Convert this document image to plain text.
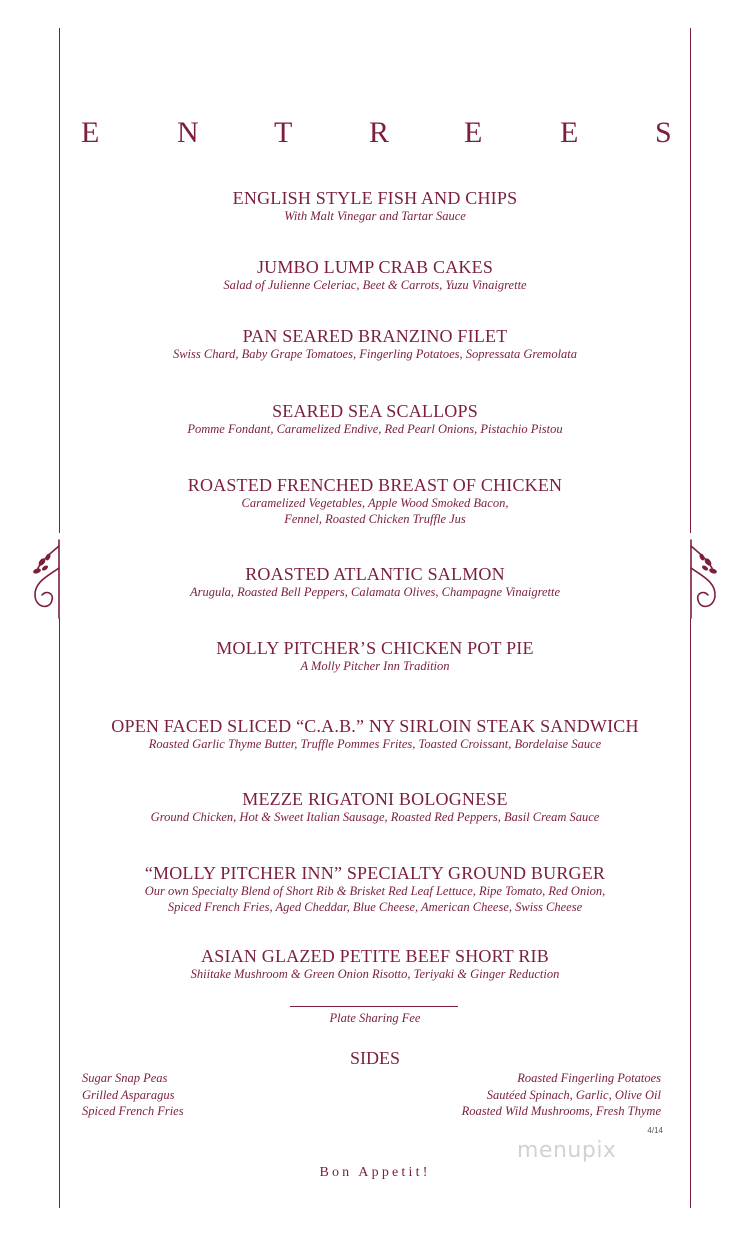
E	N	T	R E	E	S
ENGLISH STYLE FISH AND CHIPS
With Malt Vinegar and Tartar Sauce
JUMBO LUMP CRAB CAKES
Salad of Julienne Celeriac, Beet & Carrots, Yuzu Vinaigrette
PAN SEARED BRANZINO FILET
Swiss Chard, Baby Grape Tomatoes, Fingerling Potatoes, Sopressata Gremolata
SEARED SEA SCALLOPS
Pomme Fondant, Caramelized Endive, Red Pearl Onions, Pistachio Pistou
ROASTED FRENCHED BREAST OF CHICKEN
Caramelized Vegetables, Apple Wood Smoked Bacon,
Fennel, Roasted Chicken Truffle Jus
ROASTED ATLANTIC SALMON
Arugula, Roasted Bell Peppers, Calamata Olives, Champagne Vinaigrette
MOLLY PITCHER’S CHICKEN POT PIE
A Molly Pitcher Inn Tradition
OPEN FACED SLICED “C.A.B.” NY SIRLOIN STEAK SANDWICH
Roasted Garlic Thyme Butter, Truffle Pommes Frites, Toasted Croissant, Bordelaise Sauce
MEZZE RIGATONI BOLOGNESE
Ground Chicken, Hot & Sweet Italian Sausage, Roasted Red Peppers, Basil Cream Sauce
“MOLLY PITCHER INN” SPECIALTY GROUND BURGER
Our own Specialty Blend of Short Rib & Brisket Red Leaf Lettuce, Ripe Tomato, Red Onion,
Spiced French Fries, Aged Cheddar, Blue Cheese, American Cheese, Swiss Cheese
ASIAN GLAZED PETITE BEEF SHORT RIB
Shiitake Mushroom & Green Onion Risotto, Teriyaki & Ginger Reduction
Plate Sharing Fee
SIDES
Sugar Snap Peas
Grilled Asparagus
Spiced French Fries
Roasted Fingerling Potatoes
Sautéed Spinach, Garlic, Olive Oil
Roasted Wild Mushrooms, Fresh Thyme
4/14
menupix
Bon Appetit!
